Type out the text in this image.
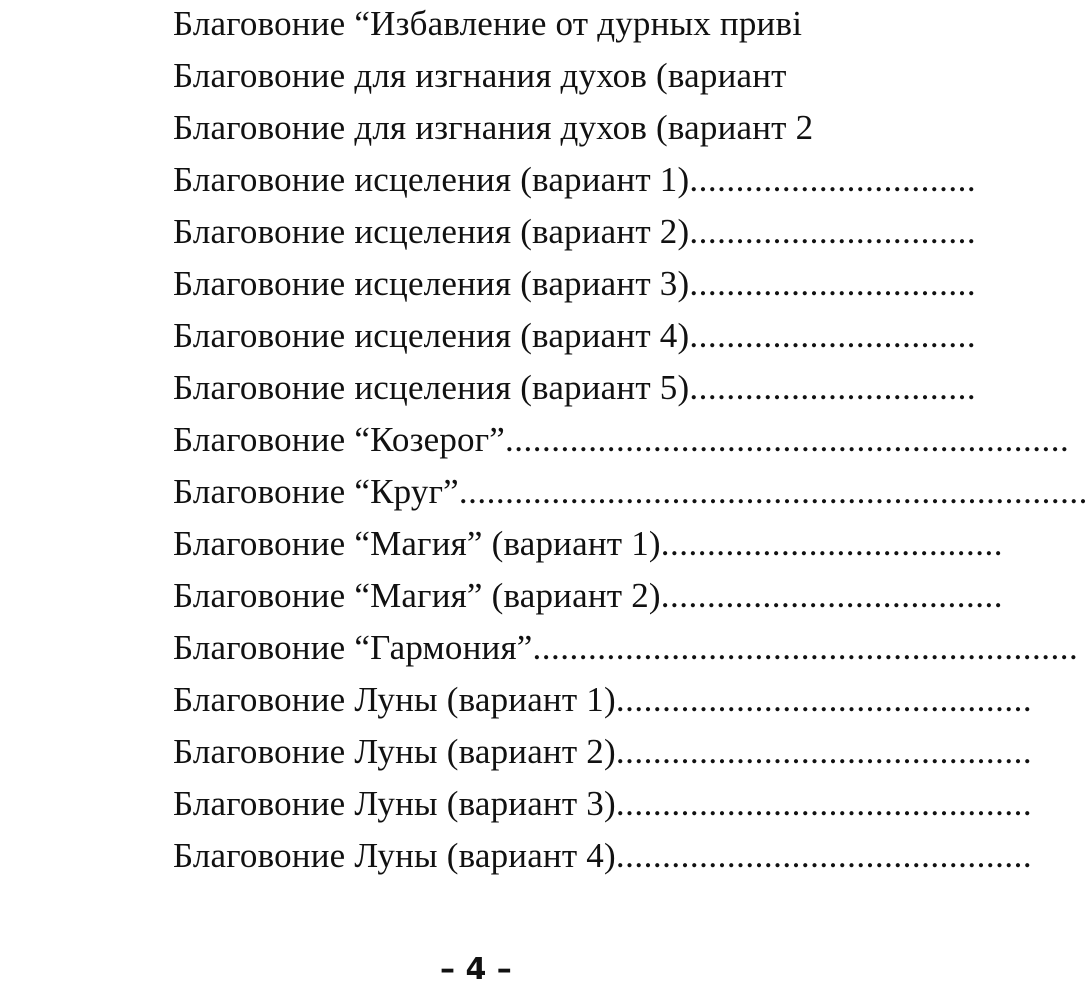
Благовоние “Избавление от дурных приві
Благовоние для изгнания духов (вариант
Благовоние для изгнания духов (вариант 2
Благовоние исцеления (вариант 1)...............................
Благовоние исцеления (вариант 2)...............................
Благовоние исцеления (вариант 3)...............................
Благовоние исцеления (вариант 4)...............................
Благовоние исцеления (вариант 5)...............................
Благовоние “Козерог”.............................................................
Благовоние “Круг”....................................................................
Благовоние “Магия” (вариант 1).....................................
Благовоние “Магия” (вариант 2).....................................
Благовоние “Гармония”...........................................................
Благовоние Луны (вариант 1).............................................
Благовоние Луны (вариант 2).............................................
Благовоние Луны (вариант 3).............................................
Благовоние Луны (вариант 4).............................................
– 4 –
